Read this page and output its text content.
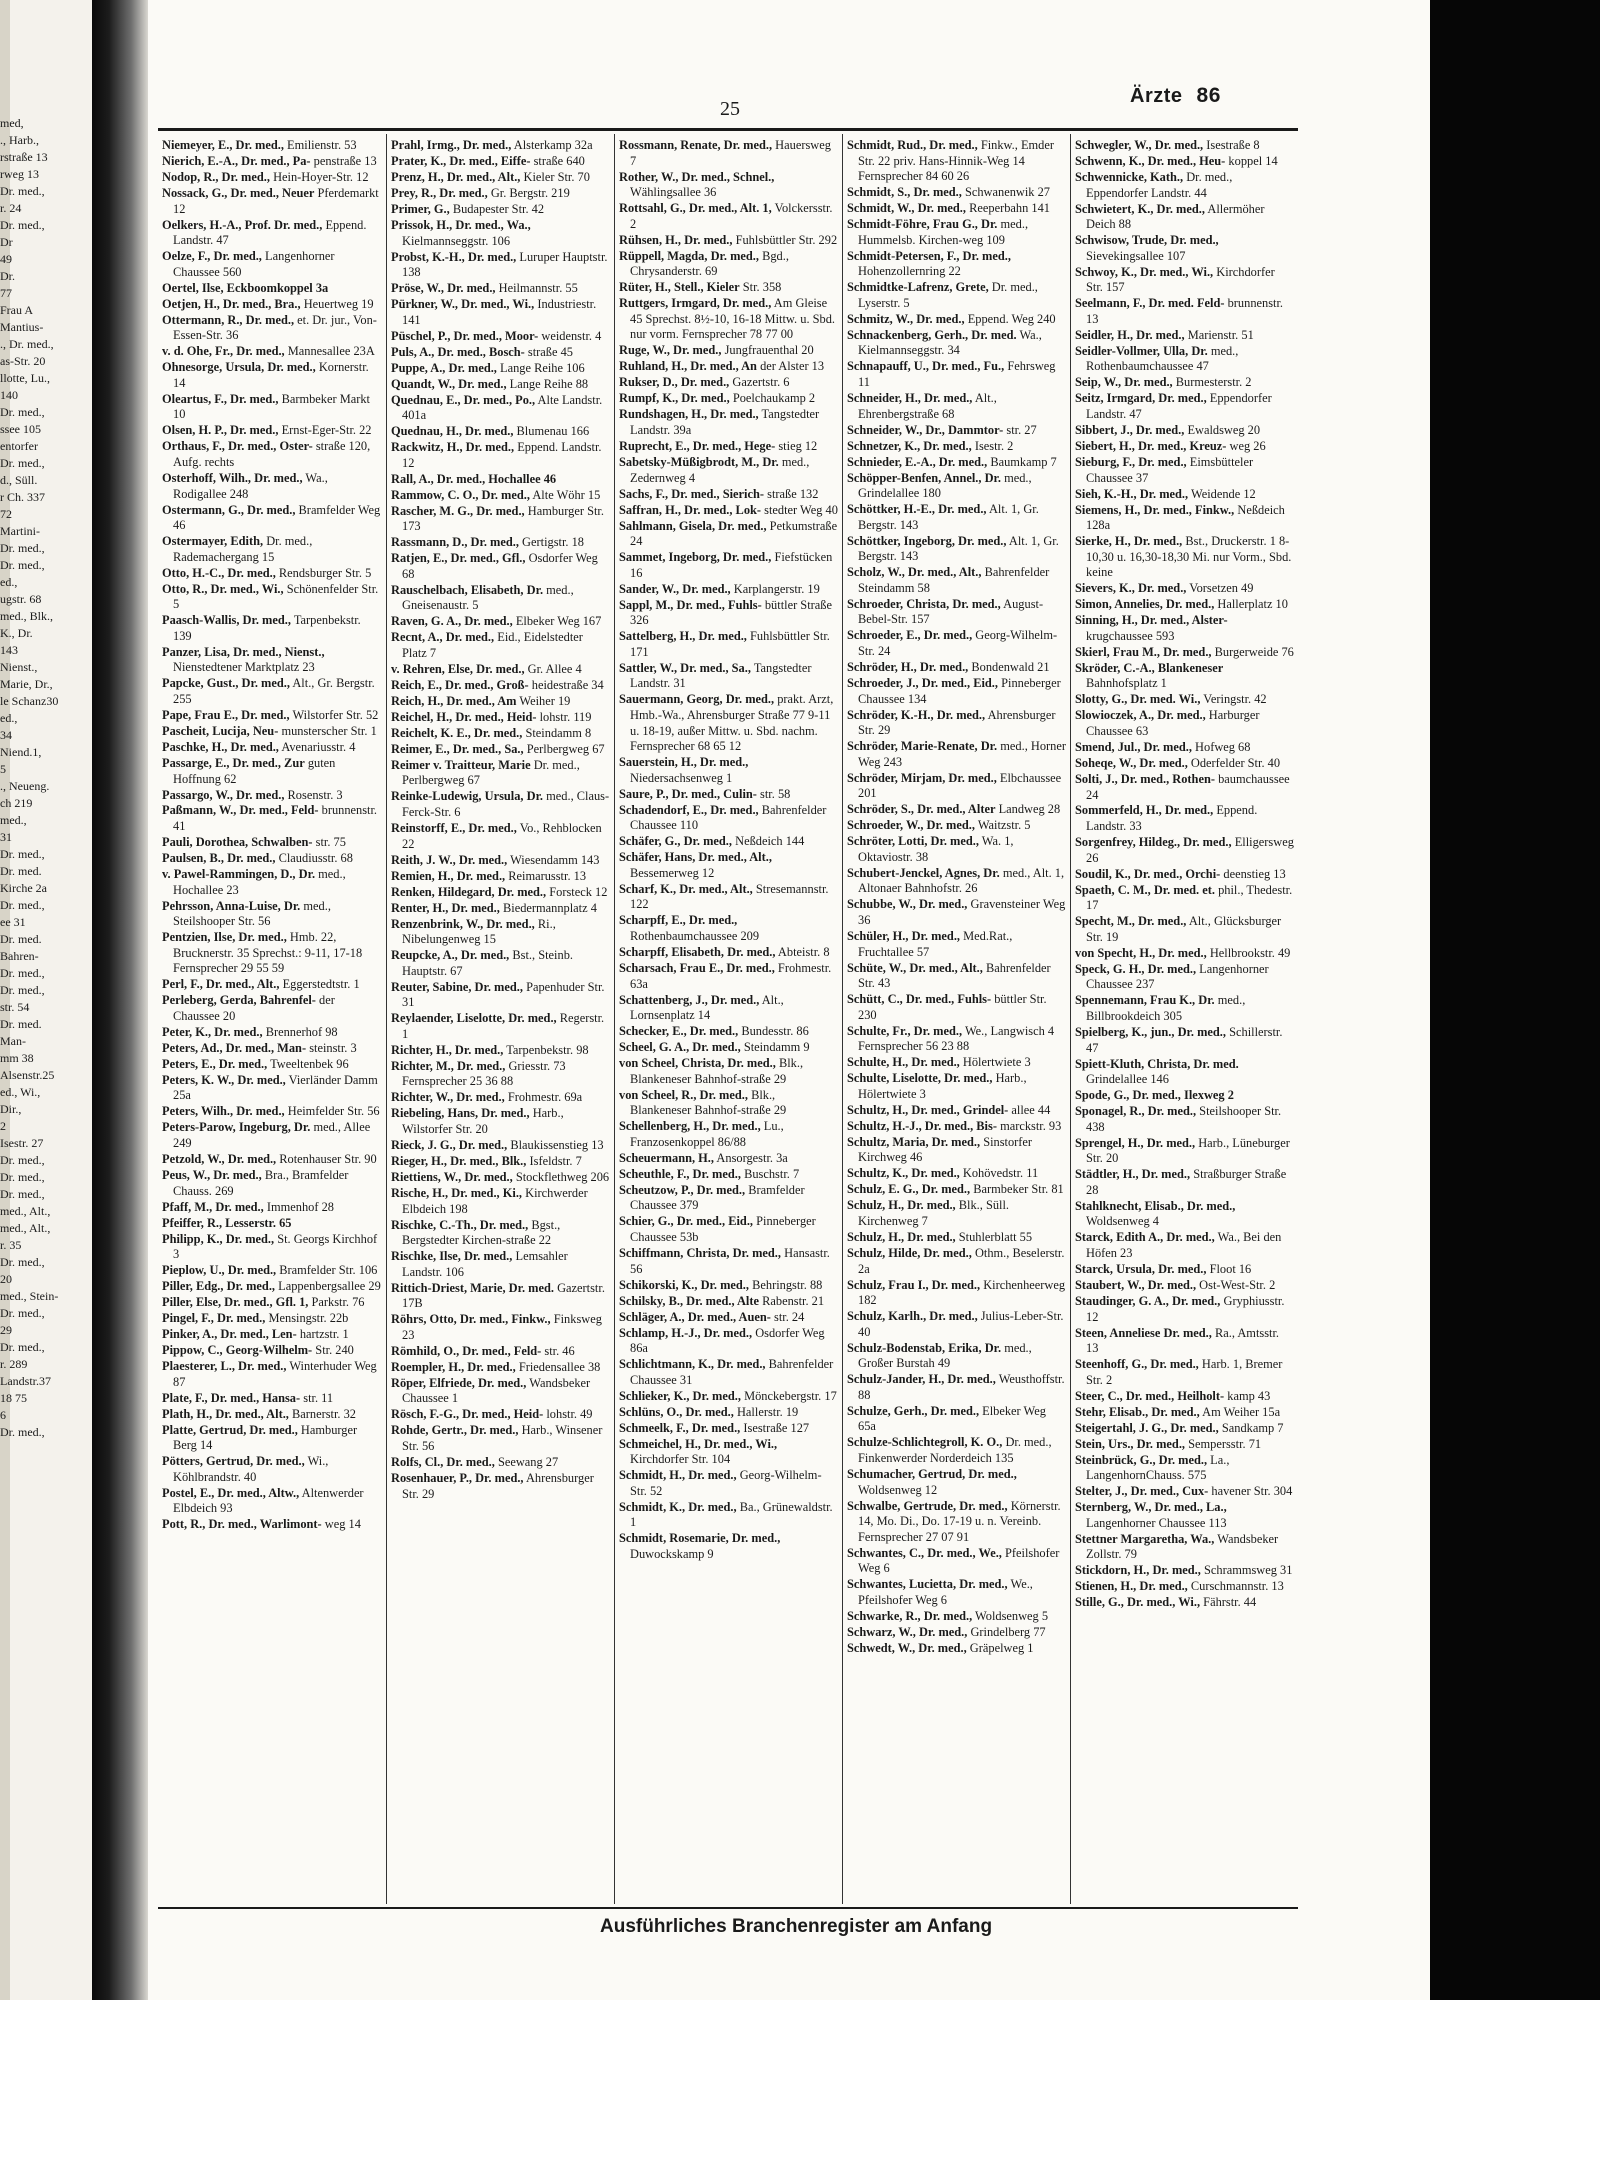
med,
., Harb.,
rstraße 13
rweg 13
Dr. med.,
r. 24
Dr. med.,
Dr
49
Dr.
77
Frau A
Mantius-
., Dr. med.,
as-Str. 20
llotte, Lu.,
140
Dr. med.,
ssee 105
entorfer
Dr. med.,
d., Süll.
r Ch. 337
72
Martini-
Dr. med.,
Dr. med.,
ed.,
ugstr. 68
med., Blk.,
K., Dr.
143
Nienst.,
Marie, Dr.,
le Schanz30
ed.,
34
Niend.1,
5
., Neueng.
ch 219
med.,
31
Dr. med.,
Dr. med.
Kirche 2a
Dr. med.,
ee 31
Dr. med.
Bahren-
Dr. med.,
Dr. med.,
str. 54
Dr. med.
Man-
mm 38
Alsenstr.25
ed., Wi.,
Dir.,
2
Isestr. 27
Dr. med.,
Dr. med.,
Dr. med.,
med., Alt.,
med., Alt.,
r. 35
Dr. med.,
20
med., Stein-
Dr. med.,
29
Dr. med.,
r. 289
Landstr.37
18 75
6
Dr. med.,
25
Ärzte 86
Niemeyer, E., Dr. med., Emilienstr. 53
Nierich, E.-A., Dr. med., Pa- penstraße 13
Nodop, R., Dr. med., Hein-Hoyer-Str. 12
Nossack, G., Dr. med., Neuer Pferdemarkt 12
Oelkers, H.-A., Prof. Dr. med., Eppend. Landstr. 47
Oelze, F., Dr. med., Langenhorner Chaussee 560
Oertel, Ilse, Eckboomkoppel 3a
Oetjen, H., Dr. med., Bra., Heuertweg 19
Ottermann, R., Dr. med., et. Dr. jur., Von-Essen-Str. 36
v. d. Ohe, Fr., Dr. med., Mannesallee 23A
Ohnesorge, Ursula, Dr. med., Kornerstr. 14
Oleartus, F., Dr. med., Barmbeker Markt 10
Olsen, H. P., Dr. med., Ernst-Eger-Str. 22
Orthaus, F., Dr. med., Oster- straße 120, Aufg. rechts
Osterhoff, Wilh., Dr. med., Wa., Rodigallee 248
Ostermann, G., Dr. med., Bramfelder Weg 46
Ostermayer, Edith, Dr. med., Rademachergang 15
Otto, H.-C., Dr. med., Rendsburger Str. 5
Otto, R., Dr. med., Wi., Schönenfelder Str. 5
Paasch-Wallis, Dr. med., Tarpenbekstr. 139
Panzer, Lisa, Dr. med., Nienst., Nienstedtener Marktplatz 23
Papcke, Gust., Dr. med., Alt., Gr. Bergstr. 255
Pape, Frau E., Dr. med., Wilstorfer Str. 52
Pascheit, Lucija, Neu- munsterscher Str. 1
Paschke, H., Dr. med., Avenariusstr. 4
Passarge, E., Dr. med., Zur guten Hoffnung 62
Passargo, W., Dr. med., Rosenstr. 3
Paßmann, W., Dr. med., Feld- brunnenstr. 41
Pauli, Dorothea, Schwalben- str. 75
Paulsen, B., Dr. med., Claudiusstr. 68
v. Pawel-Rammingen, D., Dr. med., Hochallee 23
Pehrsson, Anna-Luise, Dr. med., Steilshooper Str. 56
Pentzien, Ilse, Dr. med., Hmb. 22, Brucknerstr. 35 Sprechst.: 9-11, 17-18 Fernsprecher 29 55 59
Perl, F., Dr. med., Alt., Eggerstedtstr. 1
Perleberg, Gerda, Bahrenfel- der Chaussee 20
Peter, K., Dr. med., Brennerhof 98
Peters, Ad., Dr. med., Man- steinstr. 3
Peters, E., Dr. med., Tweeltenbek 96
Peters, K. W., Dr. med., Vierländer Damm 25a
Peters, Wilh., Dr. med., Heimfelder Str. 56
Peters-Parow, Ingeburg, Dr. med., Allee 249
Petzold, W., Dr. med., Rotenhauser Str. 90
Peus, W., Dr. med., Bra., Bramfelder Chauss. 269
Pfaff, M., Dr. med., Immenhof 28
Pfeiffer, R., Lesserstr. 65
Philipp, K., Dr. med., St. Georgs Kirchhof 3
Pieplow, U., Dr. med., Bramfelder Str. 106
Piller, Edg., Dr. med., Lappenbergsallee 29
Piller, Else, Dr. med., Gfl. 1, Parkstr. 76
Pingel, F., Dr. med., Mensingstr. 22b
Pinker, A., Dr. med., Len- hartzstr. 1
Pippow, C., Georg-Wilhelm- Str. 240
Plaesterer, L., Dr. med., Winterhuder Weg 87
Plate, F., Dr. med., Hansa- str. 11
Plath, H., Dr. med., Alt., Barnerstr. 32
Platte, Gertrud, Dr. med., Hamburger Berg 14
Pötters, Gertrud, Dr. med., Wi., Köhlbrandstr. 40
Postel, E., Dr. med., Altw., Altenwerder Elbdeich 93
Pott, R., Dr. med., Warlimont- weg 14
Prahl, Irmg., Dr. med., Alsterkamp 32a
Prater, K., Dr. med., Eiffe- straße 640
Prenz, H., Dr. med., Alt., Kieler Str. 70
Prey, R., Dr. med., Gr. Bergstr. 219
Primer, G., Budapester Str. 42
Prissok, H., Dr. med., Wa., Kielmannseggstr. 106
Probst, K.-H., Dr. med., Luruper Hauptstr. 138
Pröse, W., Dr. med., Heilmannstr. 55
Pürkner, W., Dr. med., Wi., Industriestr. 141
Püschel, P., Dr. med., Moor- weidenstr. 4
Puls, A., Dr. med., Bosch- straße 45
Puppe, A., Dr. med., Lange Reihe 106
Quandt, W., Dr. med., Lange Reihe 88
Quednau, E., Dr. med., Po., Alte Landstr. 401a
Quednau, H., Dr. med., Blumenau 166
Rackwitz, H., Dr. med., Eppend. Landstr. 12
Rall, A., Dr. med., Hochallee 46
Rammow, C. O., Dr. med., Alte Wöhr 15
Rascher, M. G., Dr. med., Hamburger Str. 173
Rassmann, D., Dr. med., Gertigstr. 18
Ratjen, E., Dr. med., Gfl., Osdorfer Weg 68
Rauschelbach, Elisabeth, Dr. med., Gneisenaustr. 5
Raven, G. A., Dr. med., Elbeker Weg 167
Recnt, A., Dr. med., Eid., Eidelstedter Platz 7
v. Rehren, Else, Dr. med., Gr. Allee 4
Reich, E., Dr. med., Groß- heidestraße 34
Reich, H., Dr. med., Am Weiher 19
Reichel, H., Dr. med., Heid- lohstr. 119
Reichelt, K. E., Dr. med., Steindamm 8
Reimer, E., Dr. med., Sa., Perlbergweg 67
Reimer v. Traitteur, Marie Dr. med., Perlbergweg 67
Reinke-Ludewig, Ursula, Dr. med., Claus-Ferck-Str. 6
Reinstorff, E., Dr. med., Vo., Rehblocken 22
Reith, J. W., Dr. med., Wiesendamm 143
Remien, H., Dr. med., Reimarusstr. 13
Renken, Hildegard, Dr. med., Forsteck 12
Renter, H., Dr. med., Biedermannplatz 4
Renzenbrink, W., Dr. med., Ri., Nibelungenweg 15
Reupcke, A., Dr. med., Bst., Steinb. Hauptstr. 67
Reuter, Sabine, Dr. med., Papenhuder Str. 31
Reylaender, Liselotte, Dr. med., Regerstr. 1
Richter, H., Dr. med., Tarpenbekstr. 98
Richter, M., Dr. med., Griesstr. 73 Fernsprecher 25 36 88
Richter, W., Dr. med., Frohmestr. 69a
Riebeling, Hans, Dr. med., Harb., Wilstorfer Str. 20
Rieck, J. G., Dr. med., Blaukissenstieg 13
Rieger, H., Dr. med., Blk., Isfeldstr. 7
Riettiens, W., Dr. med., Stockflethweg 206
Rische, H., Dr. med., Ki., Kirchwerder Elbdeich 198
Rischke, C.-Th., Dr. med., Bgst., Bergstedter Kirchen-straße 22
Rischke, Ilse, Dr. med., Lemsahler Landstr. 106
Rittich-Driest, Marie, Dr. med. Gazertstr. 17B
Röhrs, Otto, Dr. med., Finkw., Finksweg 23
Römhild, O., Dr. med., Feld- str. 46
Roempler, H., Dr. med., Friedensallee 38
Röper, Elfriede, Dr. med., Wandsbeker Chaussee 1
Rösch, F.-G., Dr. med., Heid- lohstr. 49
Rohde, Gertr., Dr. med., Harb., Winsener Str. 56
Rolfs, Cl., Dr. med., Seewang 27
Rosenhauer, P., Dr. med., Ahrensburger Str. 29
Rossmann, Renate, Dr. med., Hauersweg 7
Rother, W., Dr. med., Schnel., Wählingsallee 36
Rottsahl, G., Dr. med., Alt. 1, Volckersstr. 2
Rühsen, H., Dr. med., Fuhlsbüttler Str. 292
Rüppell, Magda, Dr. med., Bgd., Chrysanderstr. 69
Rüter, H., Stell., Kieler Str. 358
Ruttgers, Irmgard, Dr. med., Am Gleise 45 Sprechst. 8½-10, 16-18 Mittw. u. Sbd. nur vorm. Fernsprecher 78 77 00
Ruge, W., Dr. med., Jungfrauenthal 20
Ruhland, H., Dr. med., An der Alster 13
Rukser, D., Dr. med., Gazertstr. 6
Rumpf, K., Dr. med., Poelchaukamp 2
Rundshagen, H., Dr. med., Tangstedter Landstr. 39a
Ruprecht, E., Dr. med., Hege- stieg 12
Sabetsky-Müßigbrodt, M., Dr. med., Zedernweg 4
Sachs, F., Dr. med., Sierich- straße 132
Saffran, H., Dr. med., Lok- stedter Weg 40
Sahlmann, Gisela, Dr. med., Petkumstraße 24
Sammet, Ingeborg, Dr. med., Fiefstücken 16
Sander, W., Dr. med., Karplangerstr. 19
Sappl, M., Dr. med., Fuhls- büttler Straße 326
Sattelberg, H., Dr. med., Fuhlsbüttler Str. 171
Sattler, W., Dr. med., Sa., Tangstedter Landstr. 31
Sauermann, Georg, Dr. med., prakt. Arzt, Hmb.-Wa., Ahrensburger Straße 77 9-11 u. 18-19, außer Mittw. u. Sbd. nachm. Fernsprecher 68 65 12
Sauerstein, H., Dr. med., Niedersachsenweg 1
Saure, P., Dr. med., Culin- str. 58
Schadendorf, E., Dr. med., Bahrenfelder Chaussee 110
Schäfer, G., Dr. med., Neßdeich 144
Schäfer, Hans, Dr. med., Alt., Bessemerweg 12
Scharf, K., Dr. med., Alt., Stresemannstr. 122
Scharpff, E., Dr. med., Rothenbaumchaussee 209
Scharpff, Elisabeth, Dr. med., Abteistr. 8
Scharsach, Frau E., Dr. med., Frohmestr. 63a
Schattenberg, J., Dr. med., Alt., Lornsenplatz 14
Schecker, E., Dr. med., Bundesstr. 86
Scheel, G. A., Dr. med., Steindamm 9
von Scheel, Christa, Dr. med., Blk., Blankeneser Bahnhof-straße 29
von Scheel, R., Dr. med., Blk., Blankeneser Bahnhof-straße 29
Schellenberg, H., Dr. med., Lu., Franzosenkoppel 86/88
Scheuermann, H., Ansorgestr. 3a
Scheuthle, F., Dr. med., Buschstr. 7
Scheutzow, P., Dr. med., Bramfelder Chaussee 379
Schier, G., Dr. med., Eid., Pinneberger Chaussee 53b
Schiffmann, Christa, Dr. med., Hansastr. 56
Schikorski, K., Dr. med., Behringstr. 88
Schilsky, B., Dr. med., Alte Rabenstr. 21
Schläger, A., Dr. med., Auen- str. 24
Schlamp, H.-J., Dr. med., Osdorfer Weg 86a
Schlichtmann, K., Dr. med., Bahrenfelder Chaussee 31
Schlieker, K., Dr. med., Mönckebergstr. 17
Schlüns, O., Dr. med., Hallerstr. 19
Schmeelk, F., Dr. med., Isestraße 127
Schmeichel, H., Dr. med., Wi., Kirchdorfer Str. 104
Schmidt, H., Dr. med., Georg-Wilhelm-Str. 52
Schmidt, K., Dr. med., Ba., Grünewaldstr. 1
Schmidt, Rosemarie, Dr. med., Duwockskamp 9
Schmidt, Rud., Dr. med., Finkw., Emder Str. 22 priv. Hans-Hinnik-Weg 14 Fernsprecher 84 60 26
Schmidt, S., Dr. med., Schwanenwik 27
Schmidt, W., Dr. med., Reeperbahn 141
Schmidt-Föhre, Frau G., Dr. med., Hummelsb. Kirchen-weg 109
Schmidt-Petersen, F., Dr. med., Hohenzollernring 22
Schmidtke-Lafrenz, Grete, Dr. med., Lyserstr. 5
Schmitz, W., Dr. med., Eppend. Weg 240
Schnackenberg, Gerh., Dr. med. Wa., Kielmannseggstr. 34
Schnapauff, U., Dr. med., Fu., Fehrsweg 11
Schneider, H., Dr. med., Alt., Ehrenbergstraße 68
Schneider, W., Dr., Dammtor- str. 27
Schnetzer, K., Dr. med., Isestr. 2
Schnieder, E.-A., Dr. med., Baumkamp 7
Schöpper-Benfen, Annel., Dr. med., Grindelallee 180
Schöttker, H.-E., Dr. med., Alt. 1, Gr. Bergstr. 143
Schöttker, Ingeborg, Dr. med., Alt. 1, Gr. Bergstr. 143
Scholz, W., Dr. med., Alt., Bahrenfelder Steindamm 58
Schroeder, Christa, Dr. med., August-Bebel-Str. 157
Schroeder, E., Dr. med., Georg-Wilhelm-Str. 24
Schröder, H., Dr. med., Bondenwald 21
Schroeder, J., Dr. med., Eid., Pinneberger Chaussee 134
Schröder, K.-H., Dr. med., Ahrensburger Str. 29
Schröder, Marie-Renate, Dr. med., Horner Weg 243
Schröder, Mirjam, Dr. med., Elbchaussee 201
Schröder, S., Dr. med., Alter Landweg 28
Schroeder, W., Dr. med., Waitzstr. 5
Schröter, Lotti, Dr. med., Wa. 1, Oktaviostr. 38
Schubert-Jenckel, Agnes, Dr. med., Alt. 1, Altonaer Bahnhofstr. 26
Schubbe, W., Dr. med., Gravensteiner Weg 36
Schüler, H., Dr. med., Med.Rat., Fruchtallee 57
Schüte, W., Dr. med., Alt., Bahrenfelder Str. 43
Schütt, C., Dr. med., Fuhls- büttler Str. 230
Schulte, Fr., Dr. med., We., Langwisch 4 Fernsprecher 56 23 88
Schulte, H., Dr. med., Hölertwiete 3
Schulte, Liselotte, Dr. med., Harb., Hölertwiete 3
Schultz, H., Dr. med., Grindel- allee 44
Schultz, H.-J., Dr. med., Bis- marckstr. 93
Schultz, Maria, Dr. med., Sinstorfer Kirchweg 46
Schultz, K., Dr. med., Kohövedstr. 11
Schulz, E. G., Dr. med., Barmbeker Str. 81
Schulz, H., Dr. med., Blk., Süll. Kirchenweg 7
Schulz, H., Dr. med., Stuhlerblatt 55
Schulz, Hilde, Dr. med., Othm., Beselerstr. 2a
Schulz, Frau I., Dr. med., Kirchenheerweg 182
Schulz, Karlh., Dr. med., Julius-Leber-Str. 40
Schulz-Bodenstab, Erika, Dr. med., Großer Burstah 49
Schulz-Jander, H., Dr. med., Weusthoffstr. 88
Schulze, Gerh., Dr. med., Elbeker Weg 65a
Schulze-Schlichtegroll, K. O., Dr. med., Finkenwerder Norderdeich 135
Schumacher, Gertrud, Dr. med., Woldsenweg 12
Schwalbe, Gertrude, Dr. med., Körnerstr. 14, Mo. Di., Do. 17-19 u. n. Vereinb. Fernsprecher 27 07 91
Schwantes, C., Dr. med., We., Pfeilshofer Weg 6
Schwantes, Lucietta, Dr. med., We., Pfeilshofer Weg 6
Schwarke, R., Dr. med., Woldsenweg 5
Schwarz, W., Dr. med., Grindelberg 77
Schwedt, W., Dr. med., Gräpelweg 1
Schwegler, W., Dr. med., Isestraße 8
Schwenn, K., Dr. med., Heu- koppel 14
Schwennicke, Kath., Dr. med., Eppendorfer Landstr. 44
Schwietert, K., Dr. med., Allermöher Deich 88
Schwisow, Trude, Dr. med., Sievekingsallee 107
Schwoy, K., Dr. med., Wi., Kirchdorfer Str. 157
Seelmann, F., Dr. med. Feld- brunnenstr. 13
Seidler, H., Dr. med., Marienstr. 51
Seidler-Vollmer, Ulla, Dr. med., Rothenbaumchaussee 47
Seip, W., Dr. med., Burmesterstr. 2
Seitz, Irmgard, Dr. med., Eppendorfer Landstr. 47
Sibbert, J., Dr. med., Ewaldsweg 20
Siebert, H., Dr. med., Kreuz- weg 26
Sieburg, F., Dr. med., Eimsbütteler Chaussee 37
Sieh, K.-H., Dr. med., Weidende 12
Siemens, H., Dr. med., Finkw., Neßdeich 128a
Sierke, H., Dr. med., Bst., Druckerstr. 1 8-10,30 u. 16,30-18,30 Mi. nur Vorm., Sbd. keine
Sievers, K., Dr. med., Vorsetzen 49
Simon, Annelies, Dr. med., Hallerplatz 10
Sinning, H., Dr. med., Alster- krugchaussee 593
Skierl, Frau M., Dr. med., Burgerweide 76
Skröder, C.-A., Blankeneser Bahnhofsplatz 1
Slotty, G., Dr. med. Wi., Veringstr. 42
Slowioczek, A., Dr. med., Harburger Chaussee 63
Smend, Jul., Dr. med., Hofweg 68
Soheqe, W., Dr. med., Oderfelder Str. 40
Solti, J., Dr. med., Rothen- baumchaussee 24
Sommerfeld, H., Dr. med., Eppend. Landstr. 33
Sorgenfrey, Hildeg., Dr. med., Elligersweg 26
Soudil, K., Dr. med., Orchi- deenstieg 13
Spaeth, C. M., Dr. med. et. phil., Thedestr. 17
Specht, M., Dr. med., Alt., Glücksburger Str. 19
von Specht, H., Dr. med., Hellbrookstr. 49
Speck, G. H., Dr. med., Langenhorner Chaussee 237
Spennemann, Frau K., Dr. med., Billbrookdeich 305
Spielberg, K., jun., Dr. med., Schillerstr. 47
Spiett-Kluth, Christa, Dr. med. Grindelallee 146
Spode, G., Dr. med., Ilexweg 2
Sponagel, R., Dr. med., Steilshooper Str. 438
Sprengel, H., Dr. med., Harb., Lüneburger Str. 20
Städtler, H., Dr. med., Straßburger Straße 28
Stahlknecht, Elisab., Dr. med., Woldsenweg 4
Starck, Edith A., Dr. med., Wa., Bei den Höfen 23
Starck, Ursula, Dr. med., Floot 16
Staubert, W., Dr. med., Ost-West-Str. 2
Staudinger, G. A., Dr. med., Gryphiusstr. 12
Steen, Anneliese Dr. med., Ra., Amtsstr. 13
Steenhoff, G., Dr. med., Harb. 1, Bremer Str. 2
Steer, C., Dr. med., Heilholt- kamp 43
Stehr, Elisab., Dr. med., Am Weiher 15a
Steigertahl, J. G., Dr. med., Sandkamp 7
Stein, Urs., Dr. med., Sempersstr. 71
Steinbrück, G., Dr. med., La., LangenhornChauss. 575
Stelter, J., Dr. med., Cux- havener Str. 304
Sternberg, W., Dr. med., La., Langenhorner Chaussee 113
Stettner Margaretha, Wa., Wandsbeker Zollstr. 79
Stickdorn, H., Dr. med., Schrammsweg 31
Stienen, H., Dr. med., Curschmannstr. 13
Stille, G., Dr. med., Wi., Fährstr. 44
Ausführliches Branchenregister am Anfang
